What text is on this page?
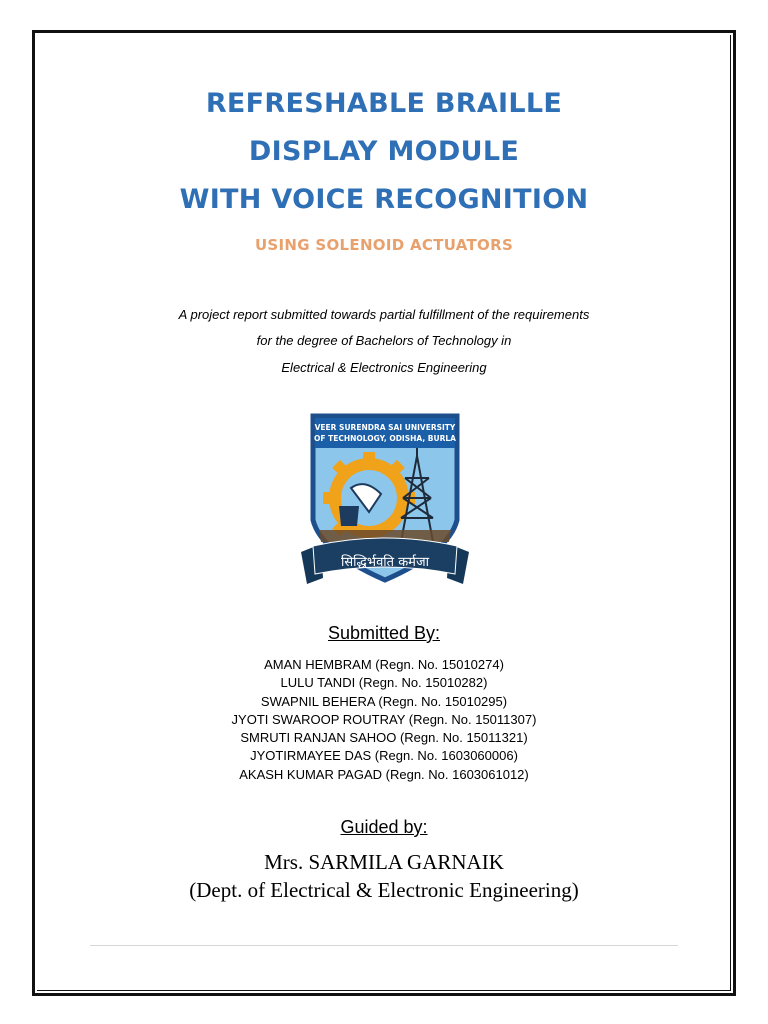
REFRESHABLE BRAILLE
DISPLAY MODULE
WITH VOICE RECOGNITION
USING SOLENOID ACTUATORS
A project report submitted towards partial fulfillment of the requirements
for the degree of Bachelors of Technology in
Electrical & Electronics Engineering
VEER SURENDRA SAI UNIVERSITY
OF TECHNOLOGY, ODISHA, BURLA
सिद्धिर्भवति कर्मजा
Submitted By:
AMAN HEMBRAM (Regn. No. 15010274)
LULU TANDI (Regn. No. 15010282)
SWAPNIL BEHERA (Regn. No. 15010295)
JYOTI SWAROOP ROUTRAY (Regn. No. 15011307)
SMRUTI RANJAN SAHOO (Regn. No. 15011321)
JYOTIRMAYEE DAS (Regn. No. 1603060006)
AKASH KUMAR PAGAD (Regn. No. 1603061012)
Guided by:
Mrs. SARMILA GARNAIK
(Dept. of Electrical & Electronic Engineering)
